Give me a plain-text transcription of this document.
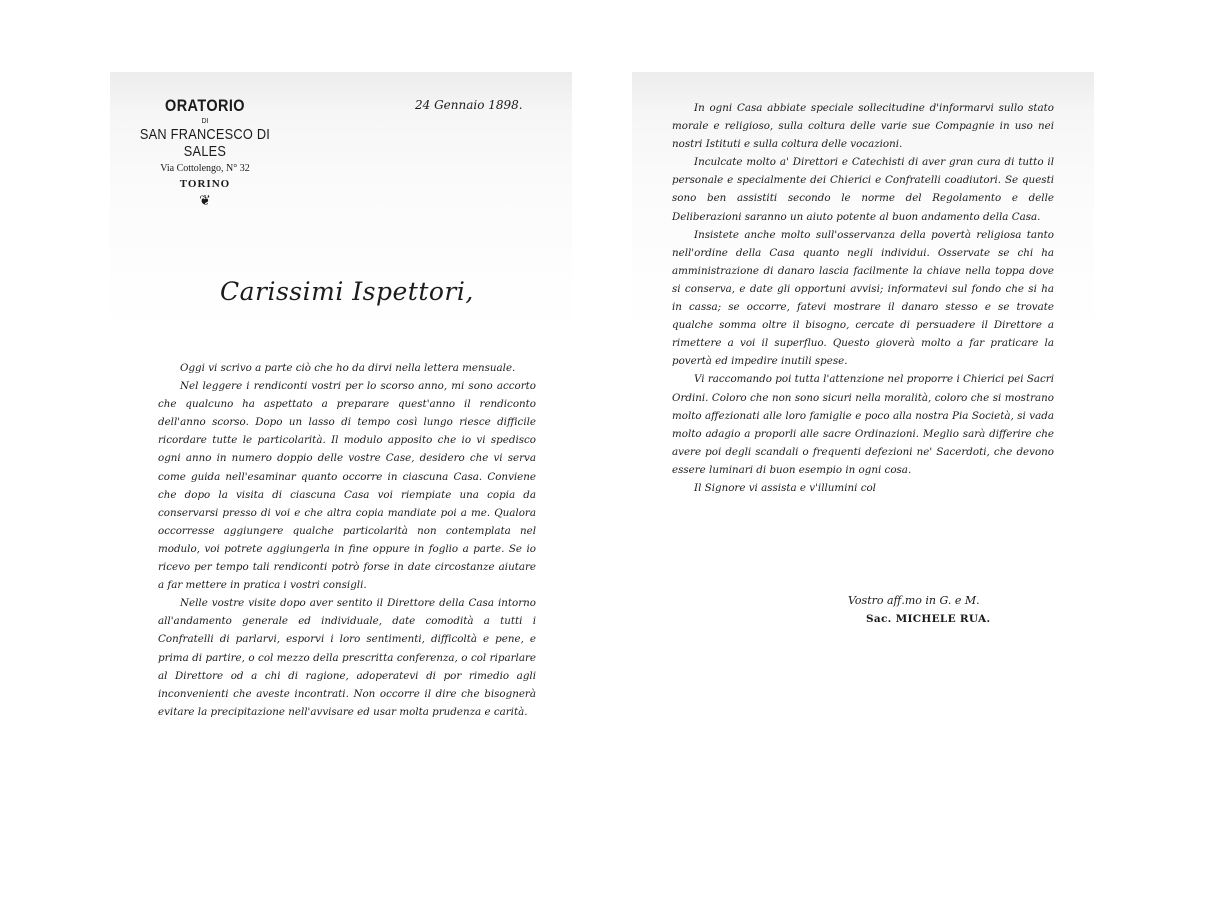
ORATORIO
DI
SAN FRANCESCO DI SALES
Via Cottolengo, N° 32
TORINO
❦
24 Gennaio 1898.
Carissimi Ispettori,

Oggi vi scrivo a parte ciò che ho da dirvi nella lettera mensuale.

Nel leggere i rendiconti vostri per lo scorso anno, mi sono accorto che qualcuno ha aspettato a preparare quest'anno il rendiconto dell'anno scorso. Dopo un lasso di tempo così lungo riesce difficile ricordare tutte le particolarità. Il modulo apposito che io vi spedisco ogni anno in numero doppio delle vostre Case, desidero che vi serva come guida nell'esaminar quanto occorre in ciascuna Casa. Conviene che dopo la visita di ciascuna Casa voi riempiate una copia da conservarsi presso di voi e che altra copia mandiate poi a me. Qualora occorresse aggiungere qualche particolarità non contemplata nel modulo, voi potrete aggiungerla in fine oppure in foglio a parte. Se io ricevo per tempo tali rendiconti potrò forse in date circostanze aiutare a far mettere in pratica i vostri consigli.

Nelle vostre visite dopo aver sentito il Direttore della Casa intorno all'andamento generale ed individuale, date comodità a tutti i Confratelli di parlarvi, esporvi i loro sentimenti, difficoltà e pene, e prima di partire, o col mezzo della prescritta conferenza, o col riparlare al Direttore od a chi di ragione, adoperatevi di por rimedio agli inconvenienti che aveste incontrati. Non occorre il dire che bisognerà evitare la precipitazione nell'avvisare ed usar molta prudenza e carità.

In ogni Casa abbiate speciale sollecitudine d'informarvi sullo stato morale e religioso, sulla coltura delle varie sue Compagnie in uso nei nostri Istituti e sulla coltura delle vocazioni.

Inculcate molto a' Direttori e Catechisti di aver gran cura di tutto il personale e specialmente dei Chierici e Confratelli coadiutori. Se questi sono ben assistiti secondo le norme del Regolamento e delle Deliberazioni saranno un aiuto potente al buon andamento della Casa.

Insistete anche molto sull'osservanza della povertà religiosa tanto nell'ordine della Casa quanto negli individui. Osservate se chi ha amministrazione di danaro lascia facilmente la chiave nella toppa dove si conserva, e date gli opportuni avvisi; informatevi sul fondo che si ha in cassa; se occorre, fatevi mostrare il danaro stesso e se trovate qualche somma oltre il bisogno, cercate di persuadere il Direttore a rimettere a voi il superfluo. Questo gioverà molto a far praticare la povertà ed impedire inutili spese.

Vi raccomando poi tutta l'attenzione nel proporre i Chierici pei Sacri Ordini. Coloro che non sono sicuri nella moralità, coloro che si mostrano molto affezionati alle loro famiglie e poco alla nostra Pia Società, si vada molto adagio a proporli alle sacre Ordinazioni. Meglio sarà differire che avere poi degli scandali o frequenti defezioni ne' Sacerdoti, che devono essere luminari di buon esempio in ogni cosa.

Il Signore vi assista e v'illumini col

Vostro aff.mo in G. e M.
Sac. MICHELE RUA.
